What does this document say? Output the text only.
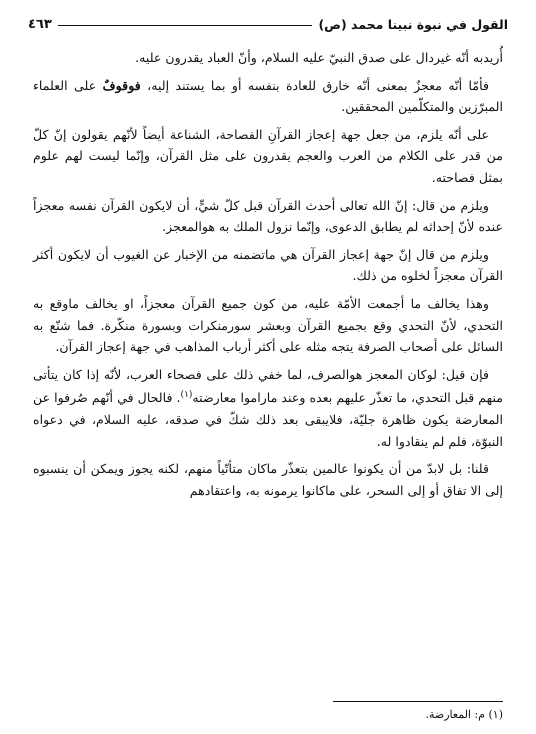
القول في نبوة نبينا محمد (ص)
٤٦٣

أُريدبه أنّه غيردال على صدق النبيّ عليه السلام، وأنّ العباد يقدرون عليه.

فأمّا أنّه معجزٌ بمعنى أنّه خارق للعادة بنفسه أو بما يستند إليه، فوقوفٌ على العلماء المبرّزين والمتكلّمين المحققين.

على أنّه يلزم، من جعل جهة إعجاز القرآنِ الفصاحة، الشناعة أيضاً لأنّهم يقولون إنّ كلّ من قدر على الكلام من العرب والعجم يقدرون على مثل القرآن، وإنّما ليست لهم علوم بمثل فصاحته.

ويلزم من قال: إنّ الله تعالى أحدث القرآن قبل كلّ شيٍّ، أن لايكون القرآن نفسه معجزاً عنده لأنّ إحداثه لم يطابق الدعوى، وإنّما نزول الملك به هوالمعجز.

ويلزم من قال إنّ جهة إعجاز القرآن هي ماتضمنه من الإخبار عن الغيوب أن لايكون أكثر القرآن معجزاً لخلوه من ذلك.

وهذا يخالف ما أجمعت الأمّة عليه، من كون جميع القرآن معجزاً، او يخالف ماوقع به التحدي، لأنّ التحدي وقع بجميع القرآن وبعشر سورمنكرات وبسورة منكّرة. فما شنّع به السائل على أصحاب الصرفة يتجه مثله على أكثر أرباب المذاهب في جهة إعجاز القرآن.

فإن قيل: لوكان المعجز هوالصرف، لما خفي ذلك على فصحاء العرب، لأنّه إذا كان يتأتى منهم قبل التحدي، ما تعذّر عليهم بعده وعند ماراموا معارضته$^{(١)}$. فالحال في أنّهم صُرفوا عن المعارضة يكون ظاهرة جليّة، فلايبقى بعد ذلك شكّ في صدقه، عليه السلام، في دعواه النبوّة، فلم لم ينقادوا له.

قلنا: بل لابدّ من أن يكونوا عالمين بتعذّر ماكان متأتّياً منهم، لكنه يجوز ويمكن أن ينسبوه إلى الا تفاق أو إلى السحر، على ماكانوا يرمونه به، واعتقادهم

(١) م: المعارضة.
